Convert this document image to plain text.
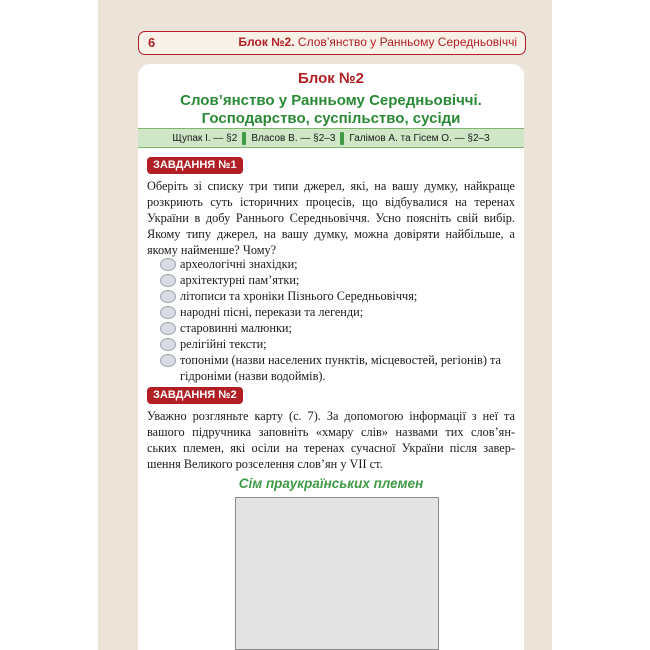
6	Блок №2. Слов’янство у Ранньому Середньовіччі
Блок №2
Слов’янство у Ранньому Середньовіччі.
Господарство, суспільство, сусіди
Щупак І. — §2 Власов В. — §2–3 Галімов А. та Гісем О. — §2–3
ЗАВДАННЯ №1
Оберіть зі списку три типи джерел, які, на вашу думку, найкраще
розкриють суть історичних процесів, що відбувалися на теренах
України в добу Раннього Середньовіччя. Усно поясніть свій вибір.
Якому типу джерел, на вашу думку, можна довіряти найбільше, а
якому найменше? Чому?
археологічні знахідки;
архітектурні пам’ятки;
літописи та хроніки Пізнього Середньовіччя;
народні пісні, перекази та легенди;
старовинні малюнки;
релігійні тексти;
топоніми (назви населених пунктів, місцевостей, регіонів) та
гідроніми (назви водоймів).
ЗАВДАННЯ №2
Уважно розгляньте карту (с. 7). За допомогою інформації з неї та
вашого підручника заповніть «хмару слів» назвами тих слов’ян-
ських племен, які осіли на теренах сучасної України після завер-
шення Великого розселення слов’ян у VII ст.
Сім праукраїнських племен
